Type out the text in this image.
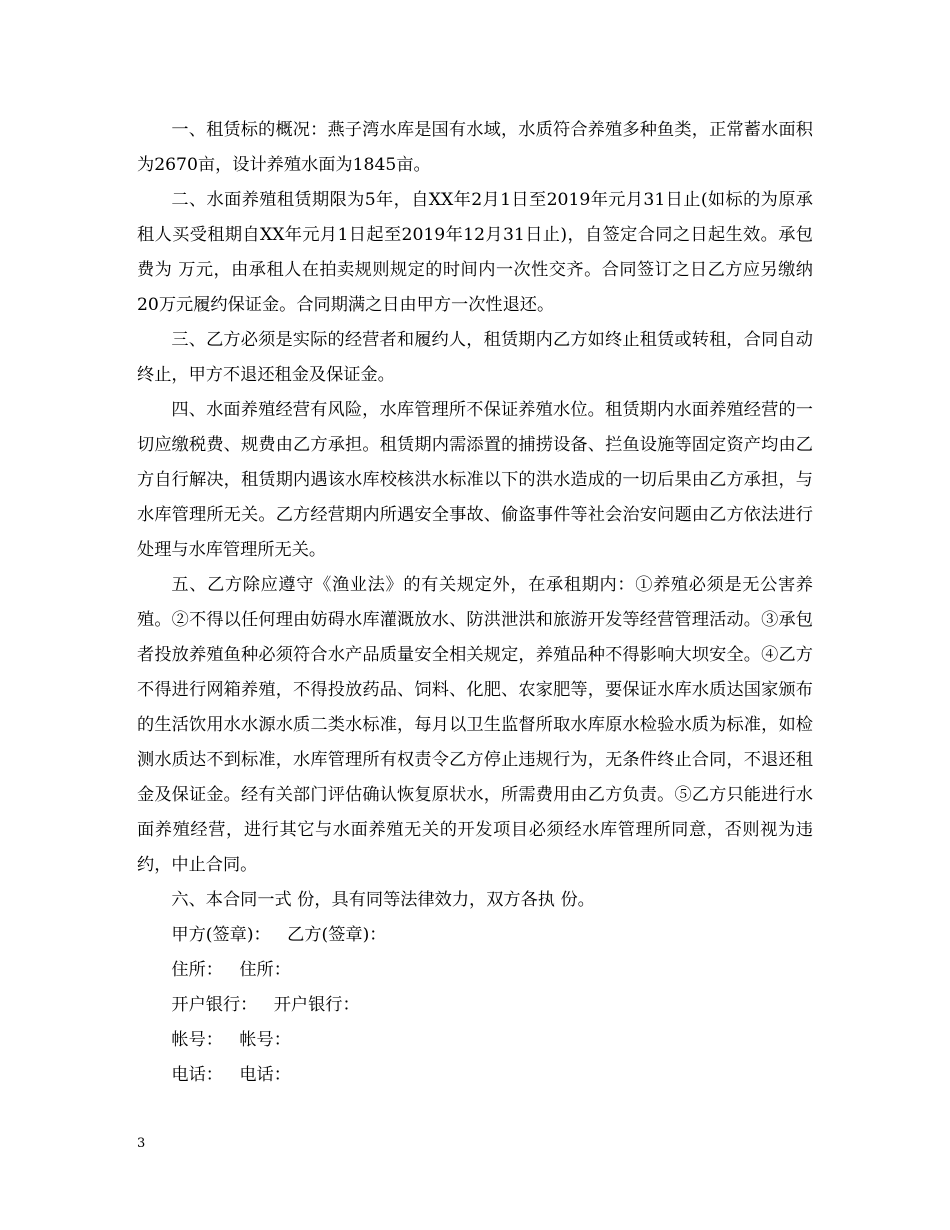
一、租赁标的概况：燕子湾水库是国有水域，水质符合养殖多种鱼类，正常蓄水面积为2670亩，设计养殖水面为1845亩。

二、水面养殖租赁期限为5年，自XX年2月1日至2019年元月31日止(如标的为原承租人买受租期自XX年元月1日起至2019年12月31日止)，自签定合同之日起生效。承包费为 万元，由承租人在拍卖规则规定的时间内一次性交齐。合同签订之日乙方应另缴纳20万元履约保证金。合同期满之日由甲方一次性退还。

三、乙方必须是实际的经营者和履约人，租赁期内乙方如终止租赁或转租，合同自动终止，甲方不退还租金及保证金。

四、水面养殖经营有风险，水库管理所不保证养殖水位。租赁期内水面养殖经营的一切应缴税费、规费由乙方承担。租赁期内需添置的捕捞设备、拦鱼设施等固定资产均由乙方自行解决，租赁期内遇该水库校核洪水标准以下的洪水造成的一切后果由乙方承担，与水库管理所无关。乙方经营期内所遇安全事故、偷盗事件等社会治安问题由乙方依法进行处理与水库管理所无关。

五、乙方除应遵守《渔业法》的有关规定外，在承租期内：①养殖必须是无公害养殖。②不得以任何理由妨碍水库灌溉放水、防洪泄洪和旅游开发等经营管理活动。③承包者投放养殖鱼种必须符合水产品质量安全相关规定，养殖品种不得影响大坝安全。④乙方不得进行网箱养殖，不得投放药品、饲料、化肥、农家肥等，要保证水库水质达国家颁布的生活饮用水水源水质二类水标准，每月以卫生监督所取水库原水检验水质为标准，如检测水质达不到标准，水库管理所有权责令乙方停止违规行为，无条件终止合同，不退还租金及保证金。经有关部门评估确认恢复原状水，所需费用由乙方负责。⑤乙方只能进行水面养殖经营，进行其它与水面养殖无关的开发项目必须经水库管理所同意，否则视为违约，中止合同。

六、本合同一式 份，具有同等法律效力，双方各执 份。

甲方(签章)： 乙方(签章)：
住所： 住所：
开户银行： 开户银行：
帐号： 帐号：
电话： 电话：
3
